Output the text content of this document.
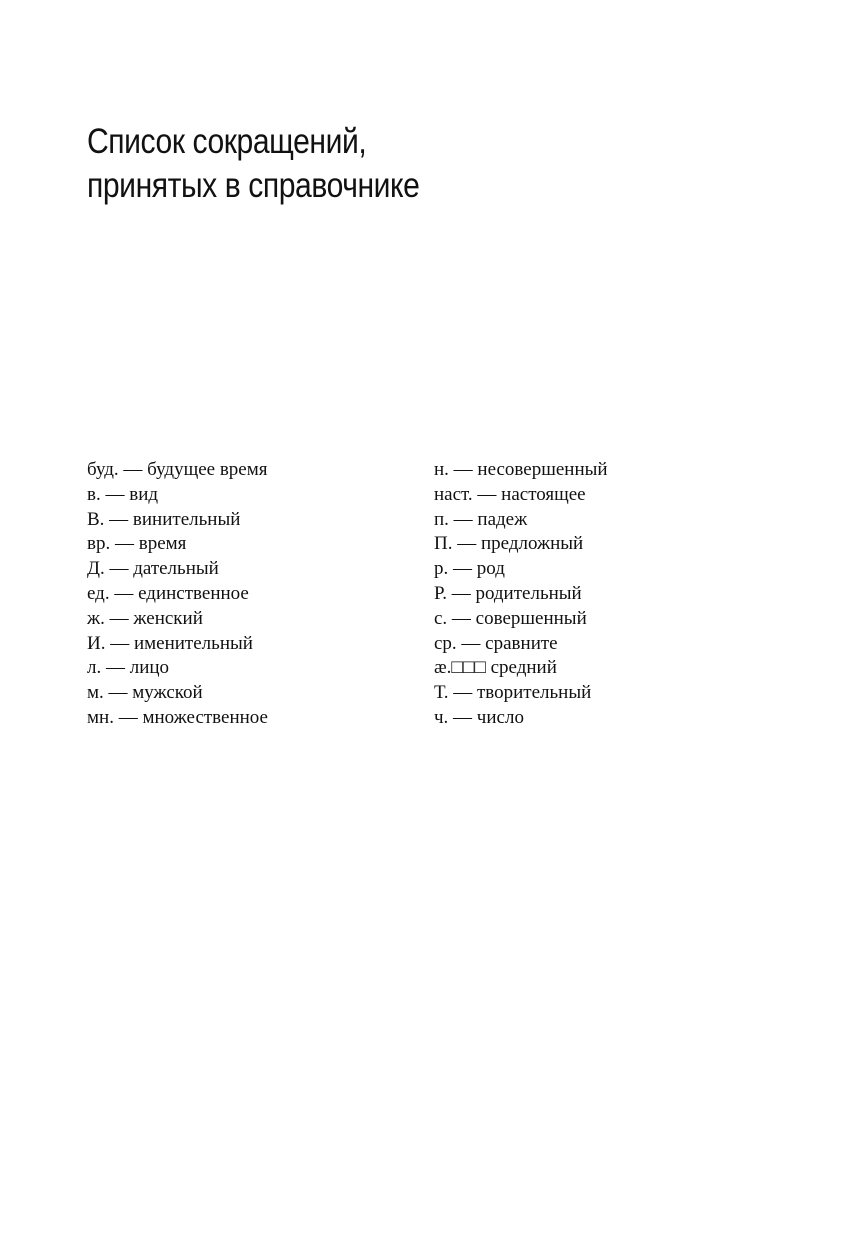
Список сокращений,
принятых в справочнике
буд. — будущее время
в. — вид
В. — винительный
вр. — время
Д. — дательный
ед. — единственное
ж. — женский
И. — именительный
л. — лицо
м. — мужской
мн. — множественное
н. — несовершенный
наст. — настоящее
п. — падеж
П. — предложный
р. — род
Р. — родительный
с. — совершенный
ср. — сравните
æ.□□□ средний
Т. — творительный
ч. — число
